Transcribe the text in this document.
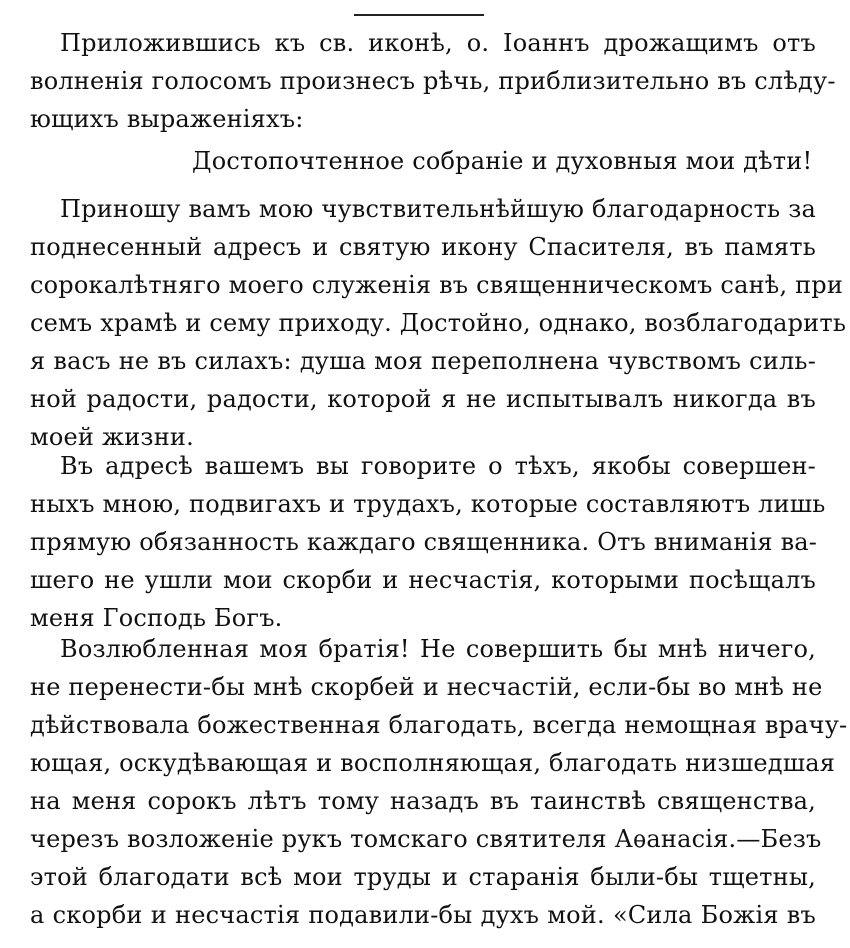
Приложившись къ св. иконѣ, о. Іоаннъ дрожащимъ отъ
волненія голосомъ произнесъ рѣчь, приблизительно въ слѣду-
ющихъ выраженіяхъ:
Достопочтенное собраніе и духовныя мои дѣти!
Приношу вамъ мою чувствительнѣйшую благодарность за
поднесенный адресъ и святую икону Спасителя, въ память
сорокалѣтняго моего служенія въ священническомъ санѣ, при
семъ храмѣ и сему приходу. Достойно, однако, возблагодарить
я васъ не въ силахъ: душа моя переполнена чувствомъ силь-
ной радости, радости, которой я не испытывалъ никогда въ
моей жизни.
Въ адресѣ вашемъ вы говорите о тѣхъ, якобы совершен-
ныхъ мною, подвигахъ и трудахъ, которые составляютъ лишь
прямую обязанность каждаго священника. Отъ вниманія ва-
шего не ушли мои скорби и несчастія, которыми посѣщалъ
меня Господь Богъ.
Возлюбленная моя братія! Не совершить бы мнѣ ничего,
не перенести-бы мнѣ скорбей и несчастій, если-бы во мнѣ не
дѣйствовала божественная благодать, всегда немощная врачу-
ющая, оскудѣвающая и восполняющая, благодать низшедшая
на меня сорокъ лѣтъ тому назадъ въ таинствѣ священства,
черезъ возложеніе рукъ томскаго святителя Аѳанасія.—Безъ
этой благодати всѣ мои труды и старанія были-бы тщетны,
а скорби и несчастія подавили-бы духъ мой. «Сила Божія въ
